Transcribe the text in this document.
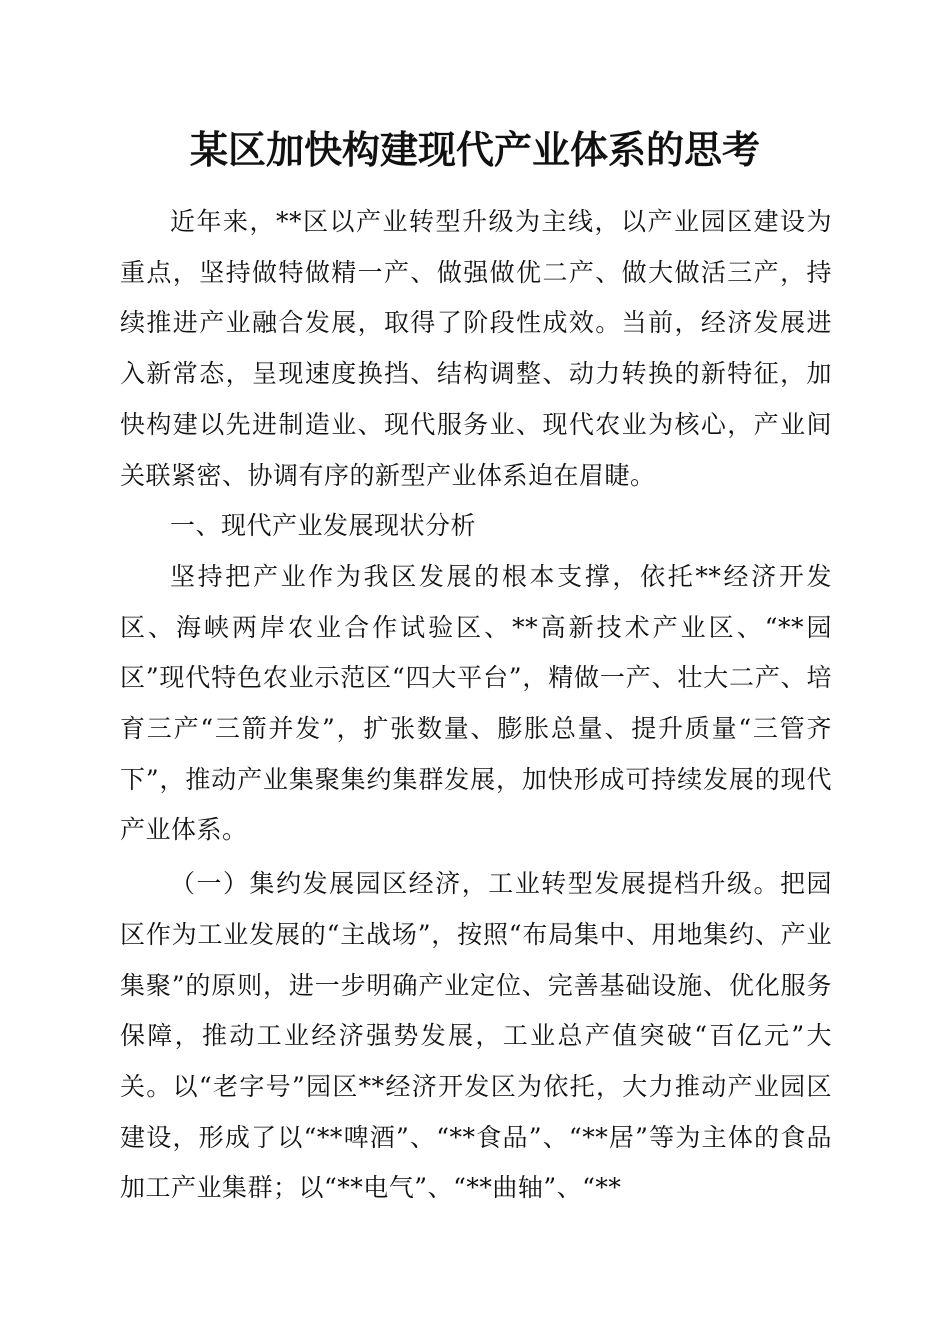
某区加快构建现代产业体系的思考

近年来，**区以产业转型升级为主线，以产业园区建设为重点，坚持做特做精一产、做强做优二产、做大做活三产，持续推进产业融合发展，取得了阶段性成效。当前，经济发展进入新常态，呈现速度换挡、结构调整、动力转换的新特征，加快构建以先进制造业、现代服务业、现代农业为核心，产业间关联紧密、协调有序的新型产业体系迫在眉睫。

一、现代产业发展现状分析

坚持把产业作为我区发展的根本支撑，依托**经济开发区、海峡两岸农业合作试验区、**高新技术产业区、“**园区”现代特色农业示范区“四大平台”，精做一产、壮大二产、培育三产“三箭并发”，扩张数量、膨胀总量、提升质量“三管齐下”，推动产业集聚集约集群发展，加快形成可持续发展的现代产业体系。

（一）集约发展园区经济，工业转型发展提档升级。把园区作为工业发展的“主战场”，按照“布局集中、用地集约、产业集聚”的原则，进一步明确产业定位、完善基础设施、优化服务保障，推动工业经济强势发展，工业总产值突破“百亿元”大关。以“老字号”园区**经济开发区为依托，大力推动产业园区建设，形成了以“**啤酒”、“**食品”、“**居”等为主体的食品加工产业集群；以“**电气”、“**曲轴”、“**
